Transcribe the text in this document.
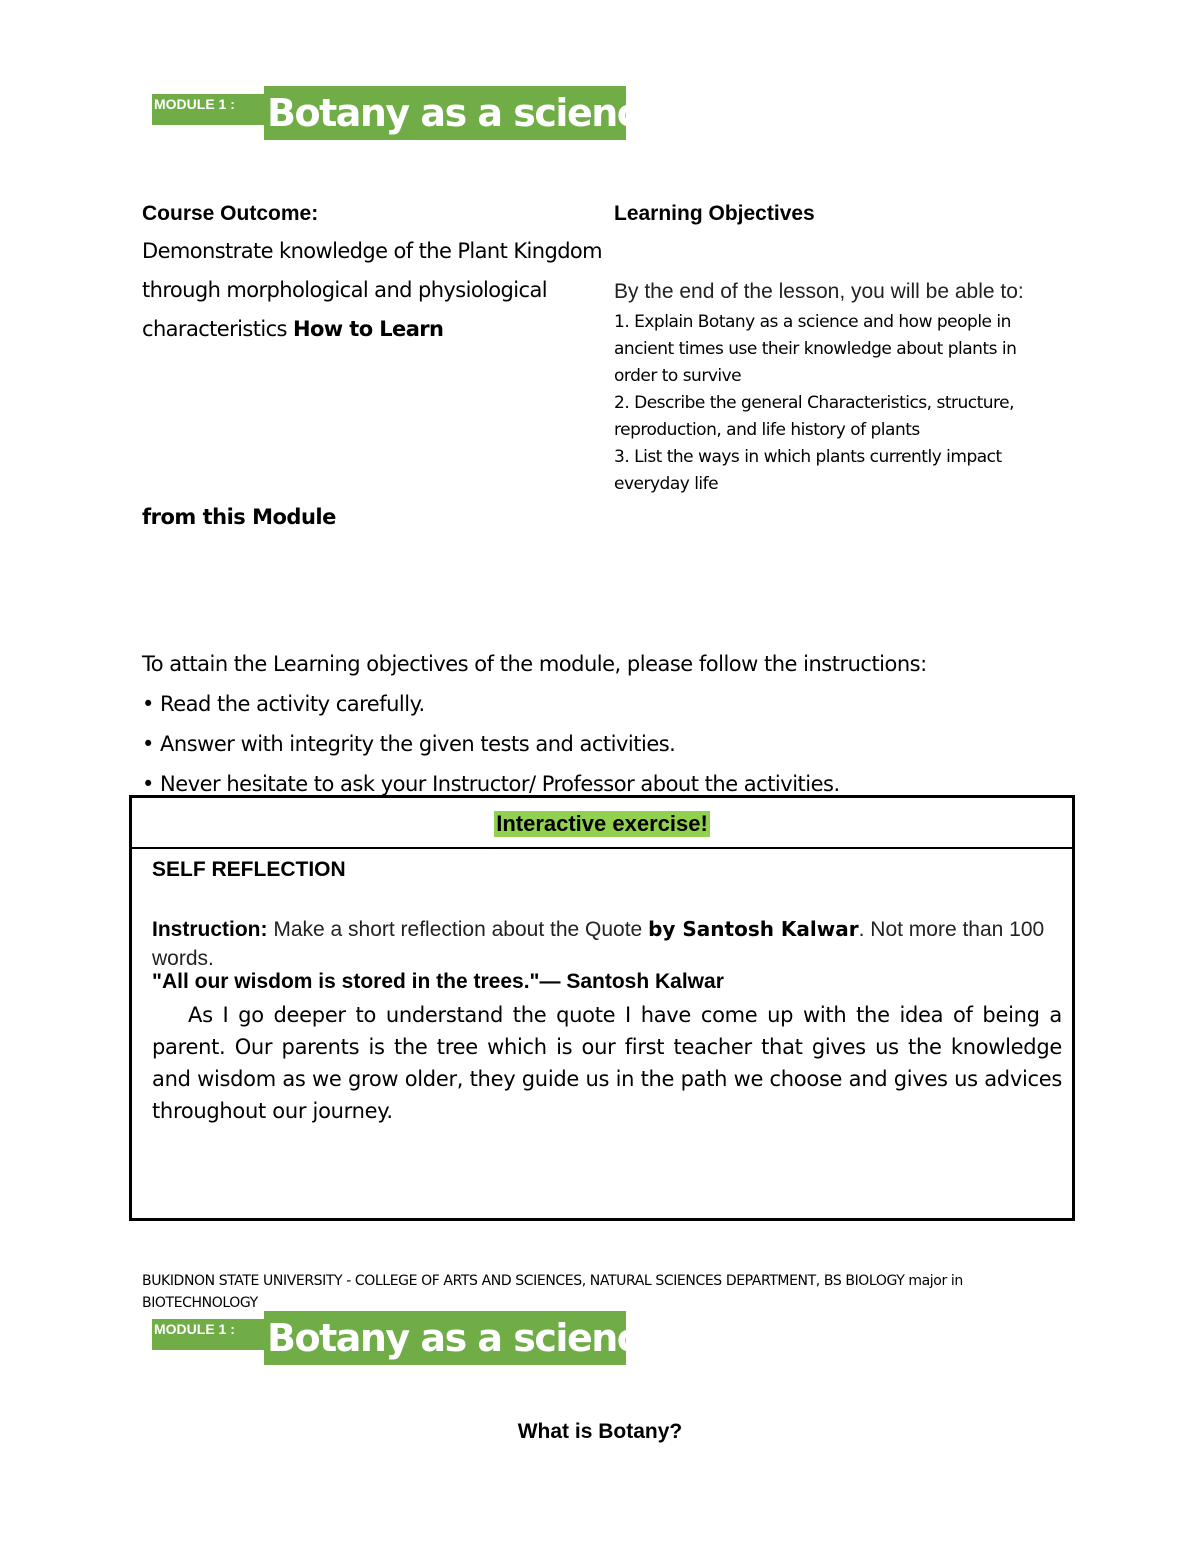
MODULE 1 : Botany as a science
Course Outcome:
Demonstrate knowledge of the Plant Kingdom through morphological and physiological characteristics How to Learn
from this Module
Learning Objectives
By the end of the lesson, you will be able to:

1. Explain Botany as a science and how people in ancient times use their knowledge about plants in order to survive

2. Describe the general Characteristics, structure, reproduction, and life history of plants

3. List the ways in which plants currently impact everyday life

To attain the Learning objectives of the module, please follow the instructions:
• Read the activity carefully.
• Answer with integrity the given tests and activities.
• Never hesitate to ask your Instructor/ Professor about the activities.
Interactive exercise!
SELF REFLECTION
Instruction: Make a short reflection about the Quote by Santosh Kalwar. Not more than 100 words.
"All our wisdom is stored in the trees."— Santosh Kalwar
As I go deeper to understand the quote I have come up with the idea of being a parent. Our parents is the tree which is our first teacher that gives us the knowledge and wisdom as we grow older, they guide us in the path we choose and gives us advices throughout our journey.
BUKIDNON STATE UNIVERSITY - COLLEGE OF ARTS AND SCIENCES, NATURAL SCIENCES DEPARTMENT, BS BIOLOGY major in BIOTECHNOLOGY
MODULE 1 : Botany as a science
What is Botany?
